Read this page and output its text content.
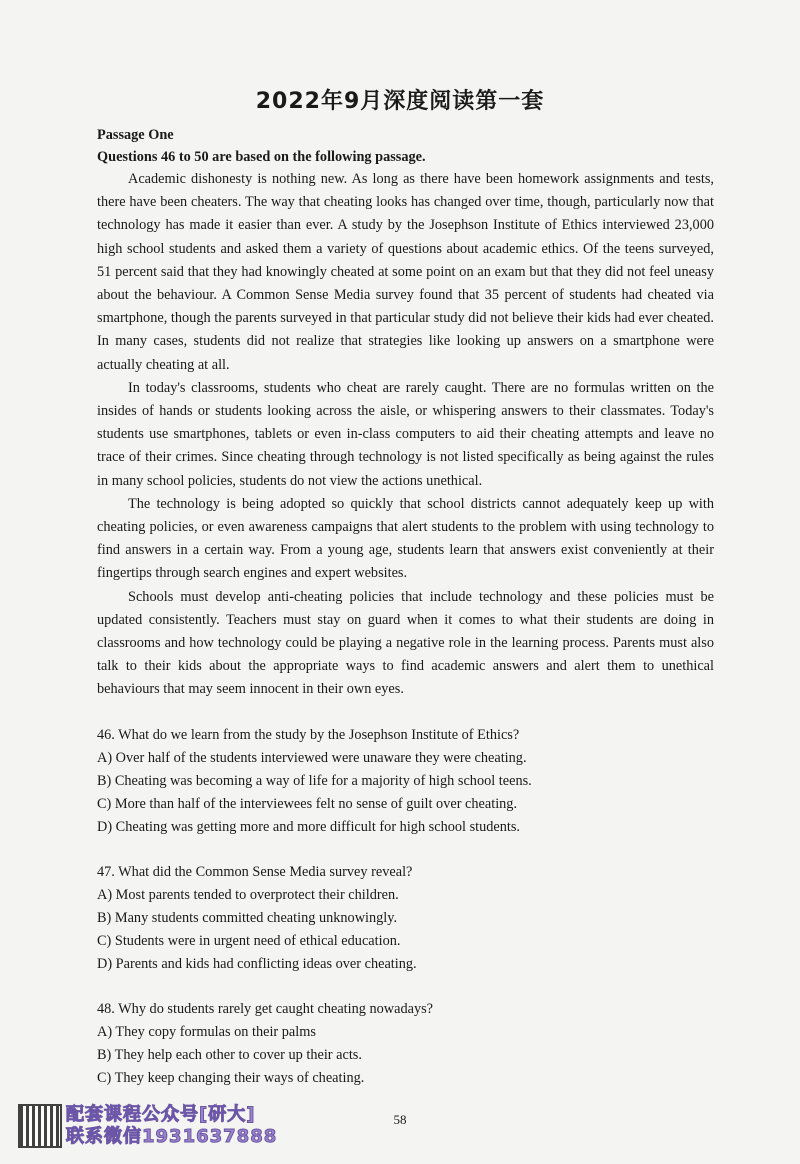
2022年9月深度阅读第一套

Passage One

Questions 46 to 50 are based on the following passage.

Academic dishonesty is nothing new. As long as there have been homework assignments and tests, there have been cheaters. The way that cheating looks has changed over time, though, particularly now that technology has made it easier than ever. A study by the Josephson Institute of Ethics interviewed 23,000 high school students and asked them a variety of questions about academic ethics. Of the teens surveyed, 51 percent said that they had knowingly cheated at some point on an exam but that they did not feel uneasy about the behaviour. A Common Sense Media survey found that 35 percent of students had cheated via smartphone, though the parents surveyed in that particular study did not believe their kids had ever cheated. In many cases, students did not realize that strategies like looking up answers on a smartphone were actually cheating at all.

In today's classrooms, students who cheat are rarely caught. There are no formulas written on the insides of hands or students looking across the aisle, or whispering answers to their classmates. Today's students use smartphones, tablets or even in-class computers to aid their cheating attempts and leave no trace of their crimes. Since cheating through technology is not listed specifically as being against the rules in many school policies, students do not view the actions unethical.

The technology is being adopted so quickly that school districts cannot adequately keep up with cheating policies, or even awareness campaigns that alert students to the problem with using technology to find answers in a certain way. From a young age, students learn that answers exist conveniently at their fingertips through search engines and expert websites.

Schools must develop anti-cheating policies that include technology and these policies must be updated consistently. Teachers must stay on guard when it comes to what their students are doing in classrooms and how technology could be playing a negative role in the learning process. Parents must also talk to their kids about the appropriate ways to find academic answers and alert them to unethical behaviours that may seem innocent in their own eyes.

46. What do we learn from the study by the Josephson Institute of Ethics?

A) Over half of the students interviewed were unaware they were cheating.

B) Cheating was becoming a way of life for a majority of high school teens.

C) More than half of the interviewees felt no sense of guilt over cheating.

D) Cheating was getting more and more difficult for high school students.

47. What did the Common Sense Media survey reveal?

A) Most parents tended to overprotect their children.

B) Many students committed cheating unknowingly.

C) Students were in urgent need of ethical education.

D) Parents and kids had conflicting ideas over cheating.

48. Why do students rarely get caught cheating nowadays?

A) They copy formulas on their palms

B) They help each other to cover up their acts.

C) They keep changing their ways of cheating.

配套课程公众号[研大]
联系微信1931637888
58
